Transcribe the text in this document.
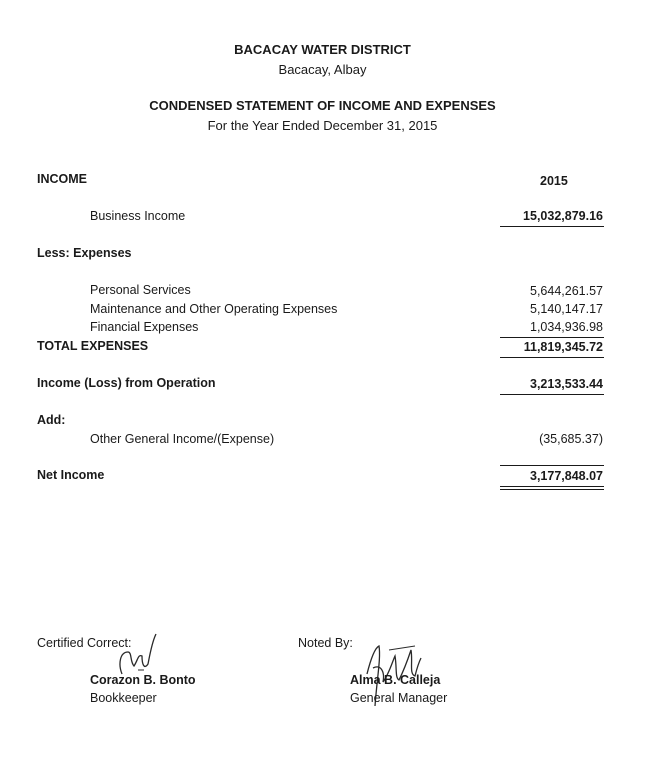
BACACAY WATER DISTRICT
Bacacay, Albay
CONDENSED STATEMENT OF INCOME AND EXPENSES
For the Year Ended December 31, 2015
INCOME	2015
Business Income	15,032,879.16
Less: Expenses
Personal Services	5,644,261.57
Maintenance and Other Operating Expenses	5,140,147.17
Financial Expenses	1,034,936.98
TOTAL EXPENSES	11,819,345.72
Income (Loss) from Operation	3,213,533.44
Add:
Other General Income/(Expense)	(35,685.37)
Net Income	3,177,848.07
Certified Correct:
Corazon B. Bonto
Bookkeeper
Noted By:
Alma B. Calleja
General Manager
